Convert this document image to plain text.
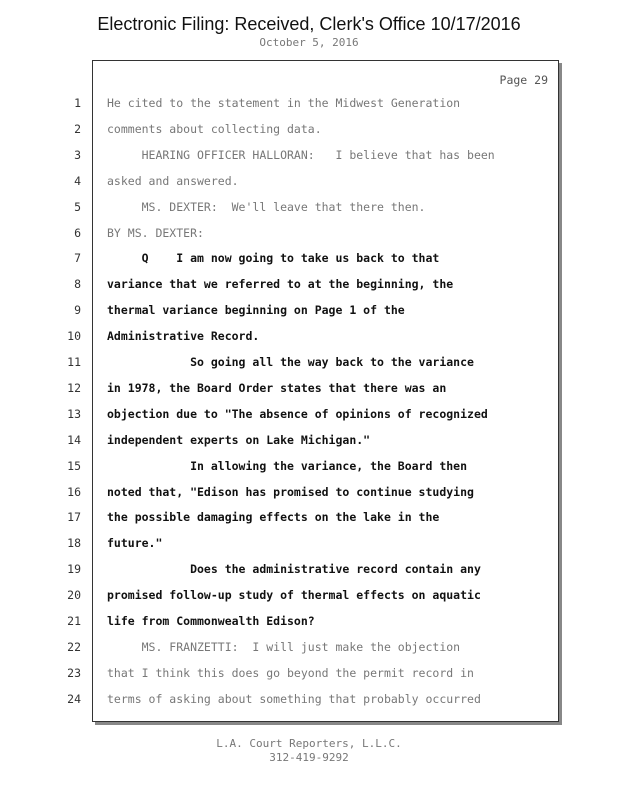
Electronic Filing: Received, Clerk's Office 10/17/2016
October 5, 2016
Page 29
1 He cited to the statement in the Midwest Generation
2 comments about collecting data.
3 HEARING OFFICER HALLORAN:   I believe that has been
4 asked and answered.
5 MS. DEXTER:  We'll leave that there then.
6 BY MS. DEXTER:
7 Q    I am now going to take us back to that
8 variance that we referred to at the beginning, the
9 thermal variance beginning on Page 1 of the
10 Administrative Record.
11 So going all the way back to the variance
12 in 1978, the Board Order states that there was an
13 objection due to "The absence of opinions of recognized
14 independent experts on Lake Michigan."
15 In allowing the variance, the Board then
16 noted that, "Edison has promised to continue studying
17 the possible damaging effects on the lake in the
18 future."
19 Does the administrative record contain any
20 promised follow-up study of thermal effects on aquatic
21 life from Commonwealth Edison?
22 MS. FRANZETTI:  I will just make the objection
23 that I think this does go beyond the permit record in
24 terms of asking about something that probably occurred
L.A. Court Reporters, L.L.C.
312-419-9292
